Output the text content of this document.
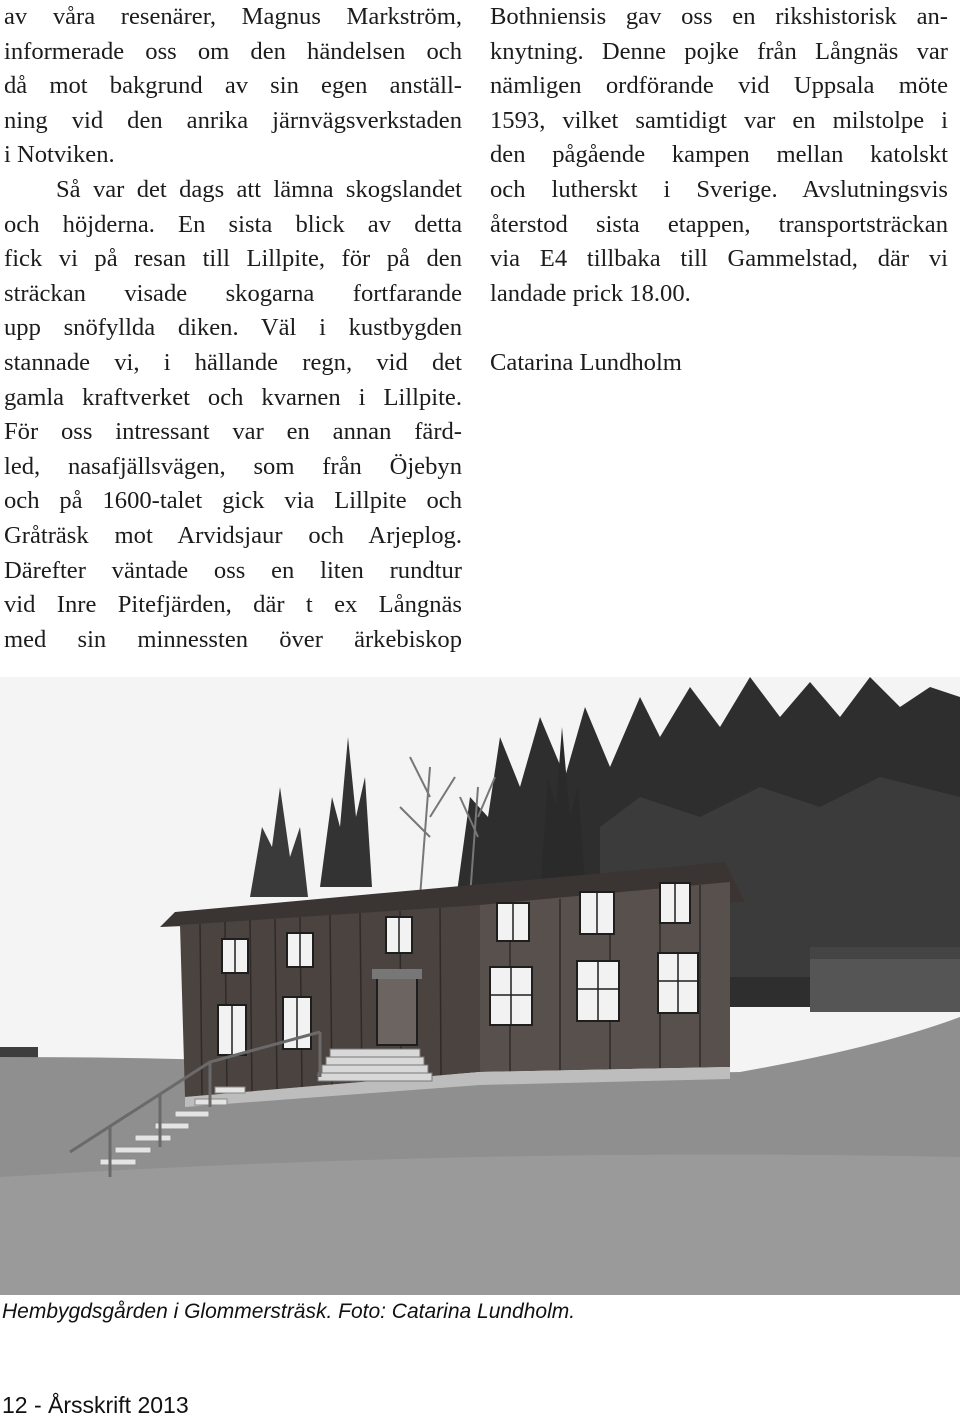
av våra resenärer, Magnus Markström,
informerade oss om den händelsen och
då mot bakgrund av sin egen anställ-
ning vid den anrika järnvägsverkstaden
i Notviken.
Så var det dags att lämna skogslandet
och höjderna. En sista blick av detta
fick vi på resan till Lillpite, för på den
sträckan visade skogarna fortfarande
upp snöfyllda diken. Väl i kustbygden
stannade vi, i hällande regn, vid det
gamla kraftverket och kvarnen i Lillpite.
För oss intressant var en annan färd-
led, nasafjällsvägen, som från Öjebyn
och på 1600-talet gick via Lillpite och
Gråträsk mot Arvidsjaur och Arjeplog.
Därefter väntade oss en liten rundtur
vid Inre Pitefjärden, där t ex Långnäs
med sin minnessten över ärkebiskop
Bothniensis gav oss en rikshistorisk an-
knytning. Denne pojke från Långnäs var
nämligen ordförande vid Uppsala möte
1593, vilket samtidigt var en milstolpe i
den pågående kampen mellan katolskt
och lutherskt i Sverige. Avslutningsvis
återstod sista etappen, transportsträckan
via E4 tillbaka till Gammelstad, där vi
landade prick 18.00.
Catarina Lundholm
Hembygdsgården i Glommersträsk. Foto: Catarina Lundholm.
12 - Årsskrift 2013
